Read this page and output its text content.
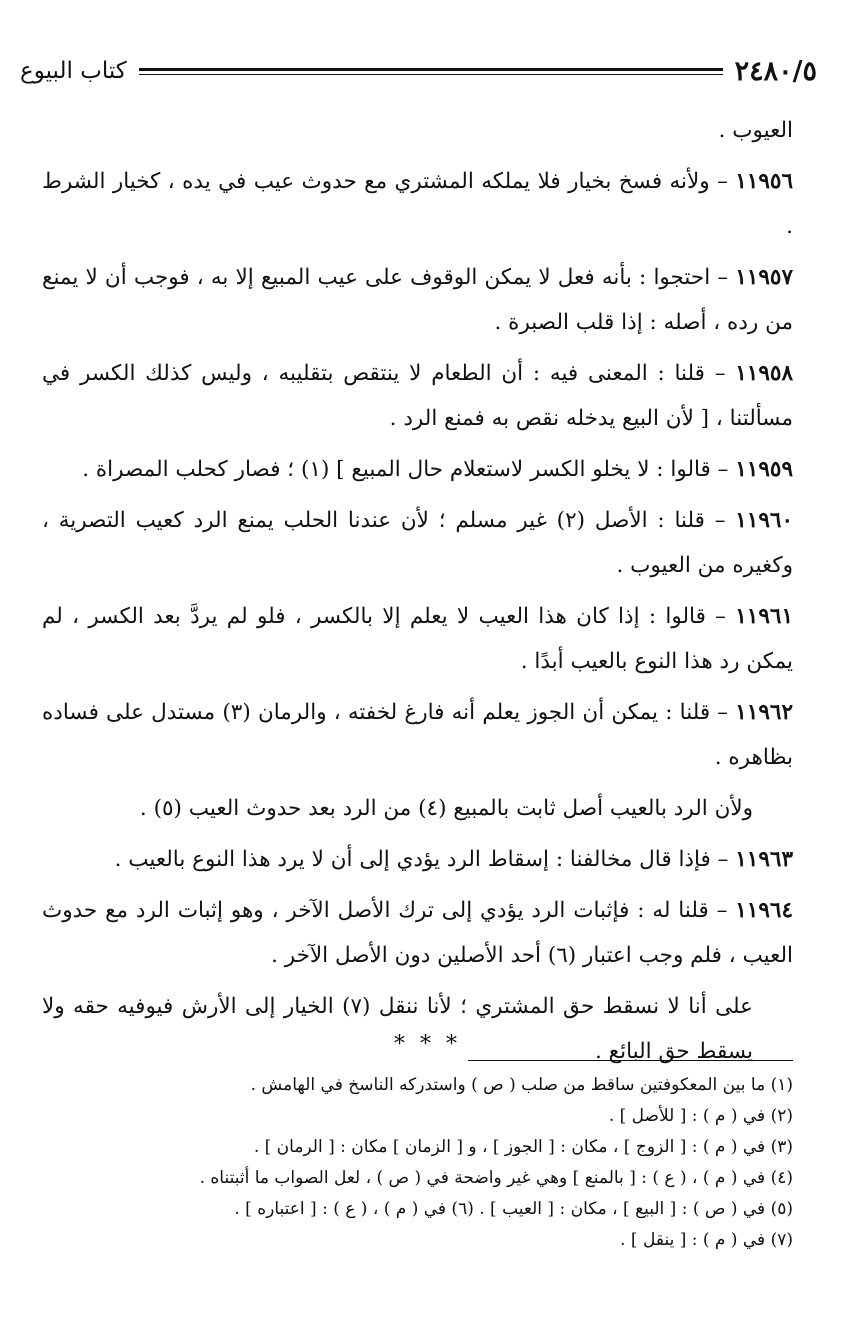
٢٤٨٠/٥
كتاب البيوع

العيوب .

١١٩٥٦ – ولأنه فسخ بخيار فلا يملكه المشتري مع حدوث عيب في يده ، كخيار الشرط .

١١٩٥٧ – احتجوا : بأنه فعل لا يمكن الوقوف على عيب المبيع إلا به ، فوجب أن لا يمنع من رده ، أصله : إذا قلب الصبرة .

١١٩٥٨ – قلنا : المعنى فيه : أن الطعام لا ينتقص بتقليبه ، وليس كذلك الكسر في مسألتنا ، [ لأن البيع يدخله نقص به فمنع الرد .

١١٩٥٩ – قالوا : لا يخلو الكسر لاستعلام حال المبيع ] (١) ؛ فصار كحلب المصراة .

١١٩٦٠ – قلنا : الأصل (٢) غير مسلم ؛ لأن عندنا الحلب يمنع الرد كعيب التصرية ، وكغيره من العيوب .

١١٩٦١ – قالوا : إذا كان هذا العيب لا يعلم إلا بالكسر ، فلو لم يردَّ بعد الكسر ، لم يمكن رد هذا النوع بالعيب أبدًا .

١١٩٦٢ – قلنا : يمكن أن الجوز يعلم أنه فارغ لخفته ، والرمان (٣) مستدل على فساده بظاهره .

ولأن الرد بالعيب أصل ثابت بالمبيع (٤) من الرد بعد حدوث العيب (٥) .

١١٩٦٣ – فإذا قال مخالفنا : إسقاط الرد يؤدي إلى أن لا يرد هذا النوع بالعيب .

١١٩٦٤ – قلنا له : فإثبات الرد يؤدي إلى ترك الأصل الآخر ، وهو إثبات الرد مع حدوث العيب ، فلم وجب اعتبار (٦) أحد الأصلين دون الأصل الآخر .

على أنا لا نسقط حق المشتري ؛ لأنا ننقل (٧) الخيار إلى الأرش فيوفيه حقه ولا يسقط حق البائع .

* * *
(١) ما بين المعكوفتين ساقط من صلب ( ص ) واستدركه الناسخ في الهامش .
(٢) في ( م ) : [ للأصل ] .
(٣) في ( م ) : [ الزوج ] ، مكان : [ الجوز ] ، و [ الزمان ] مكان : [ الرمان ] .
(٤) في ( م ) ، ( ع ) : [ بالمنع ] وهي غير واضحة في ( ص ) ، لعل الصواب ما أثبتناه .
(٥) في ( ص ) : [ البيع ] ، مكان : [ العيب ] . (٦) في ( م ) ، ( ع ) : [ اعتباره ] .
(٧) في ( م ) : [ ينقل ] .
